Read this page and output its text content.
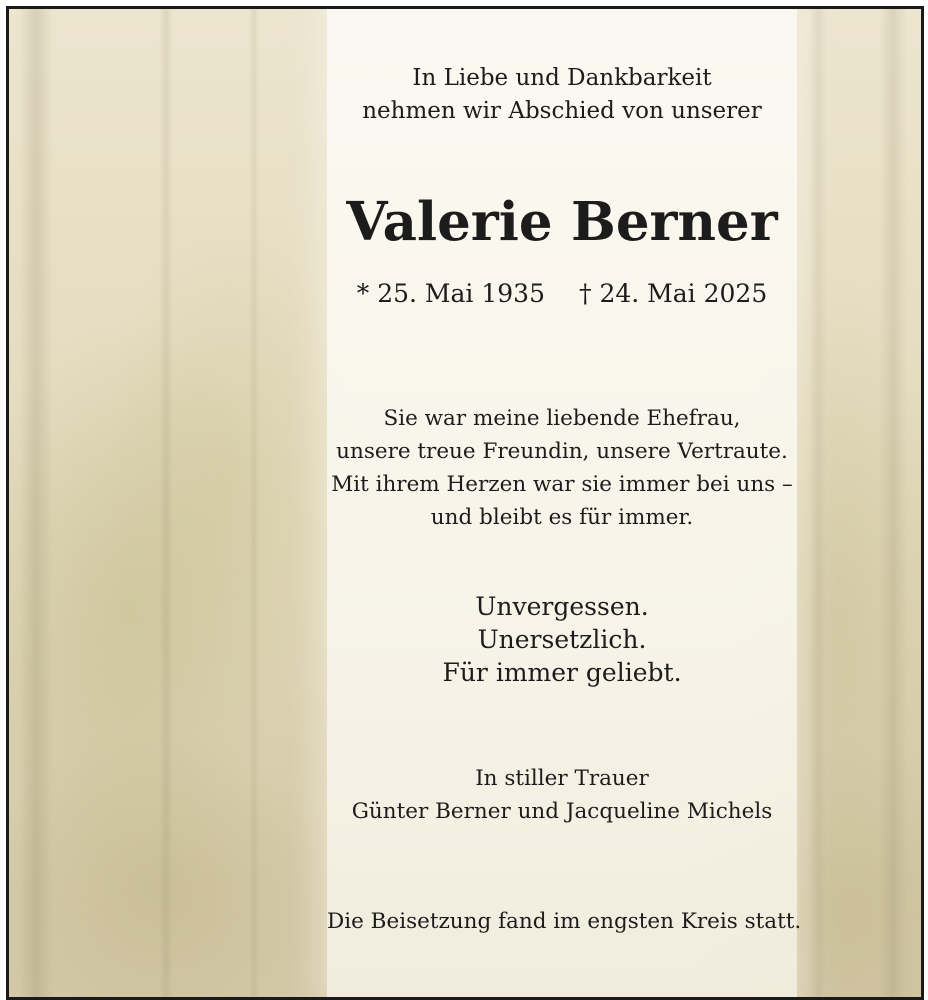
In Liebe und Dankbarkeit
nehmen wir Abschied von unserer
Valerie Berner
* 25. Mai 1935 † 24. Mai 2025
Sie war meine liebende Ehefrau,
unsere treue Freundin, unsere Vertraute.
Mit ihrem Herzen war sie immer bei uns –
und bleibt es für immer.
Unvergessen.
Unersetzlich.
Für immer geliebt.
In stiller Trauer
Günter Berner und Jacqueline Michels
Die Beisetzung fand im engsten Kreis statt.
